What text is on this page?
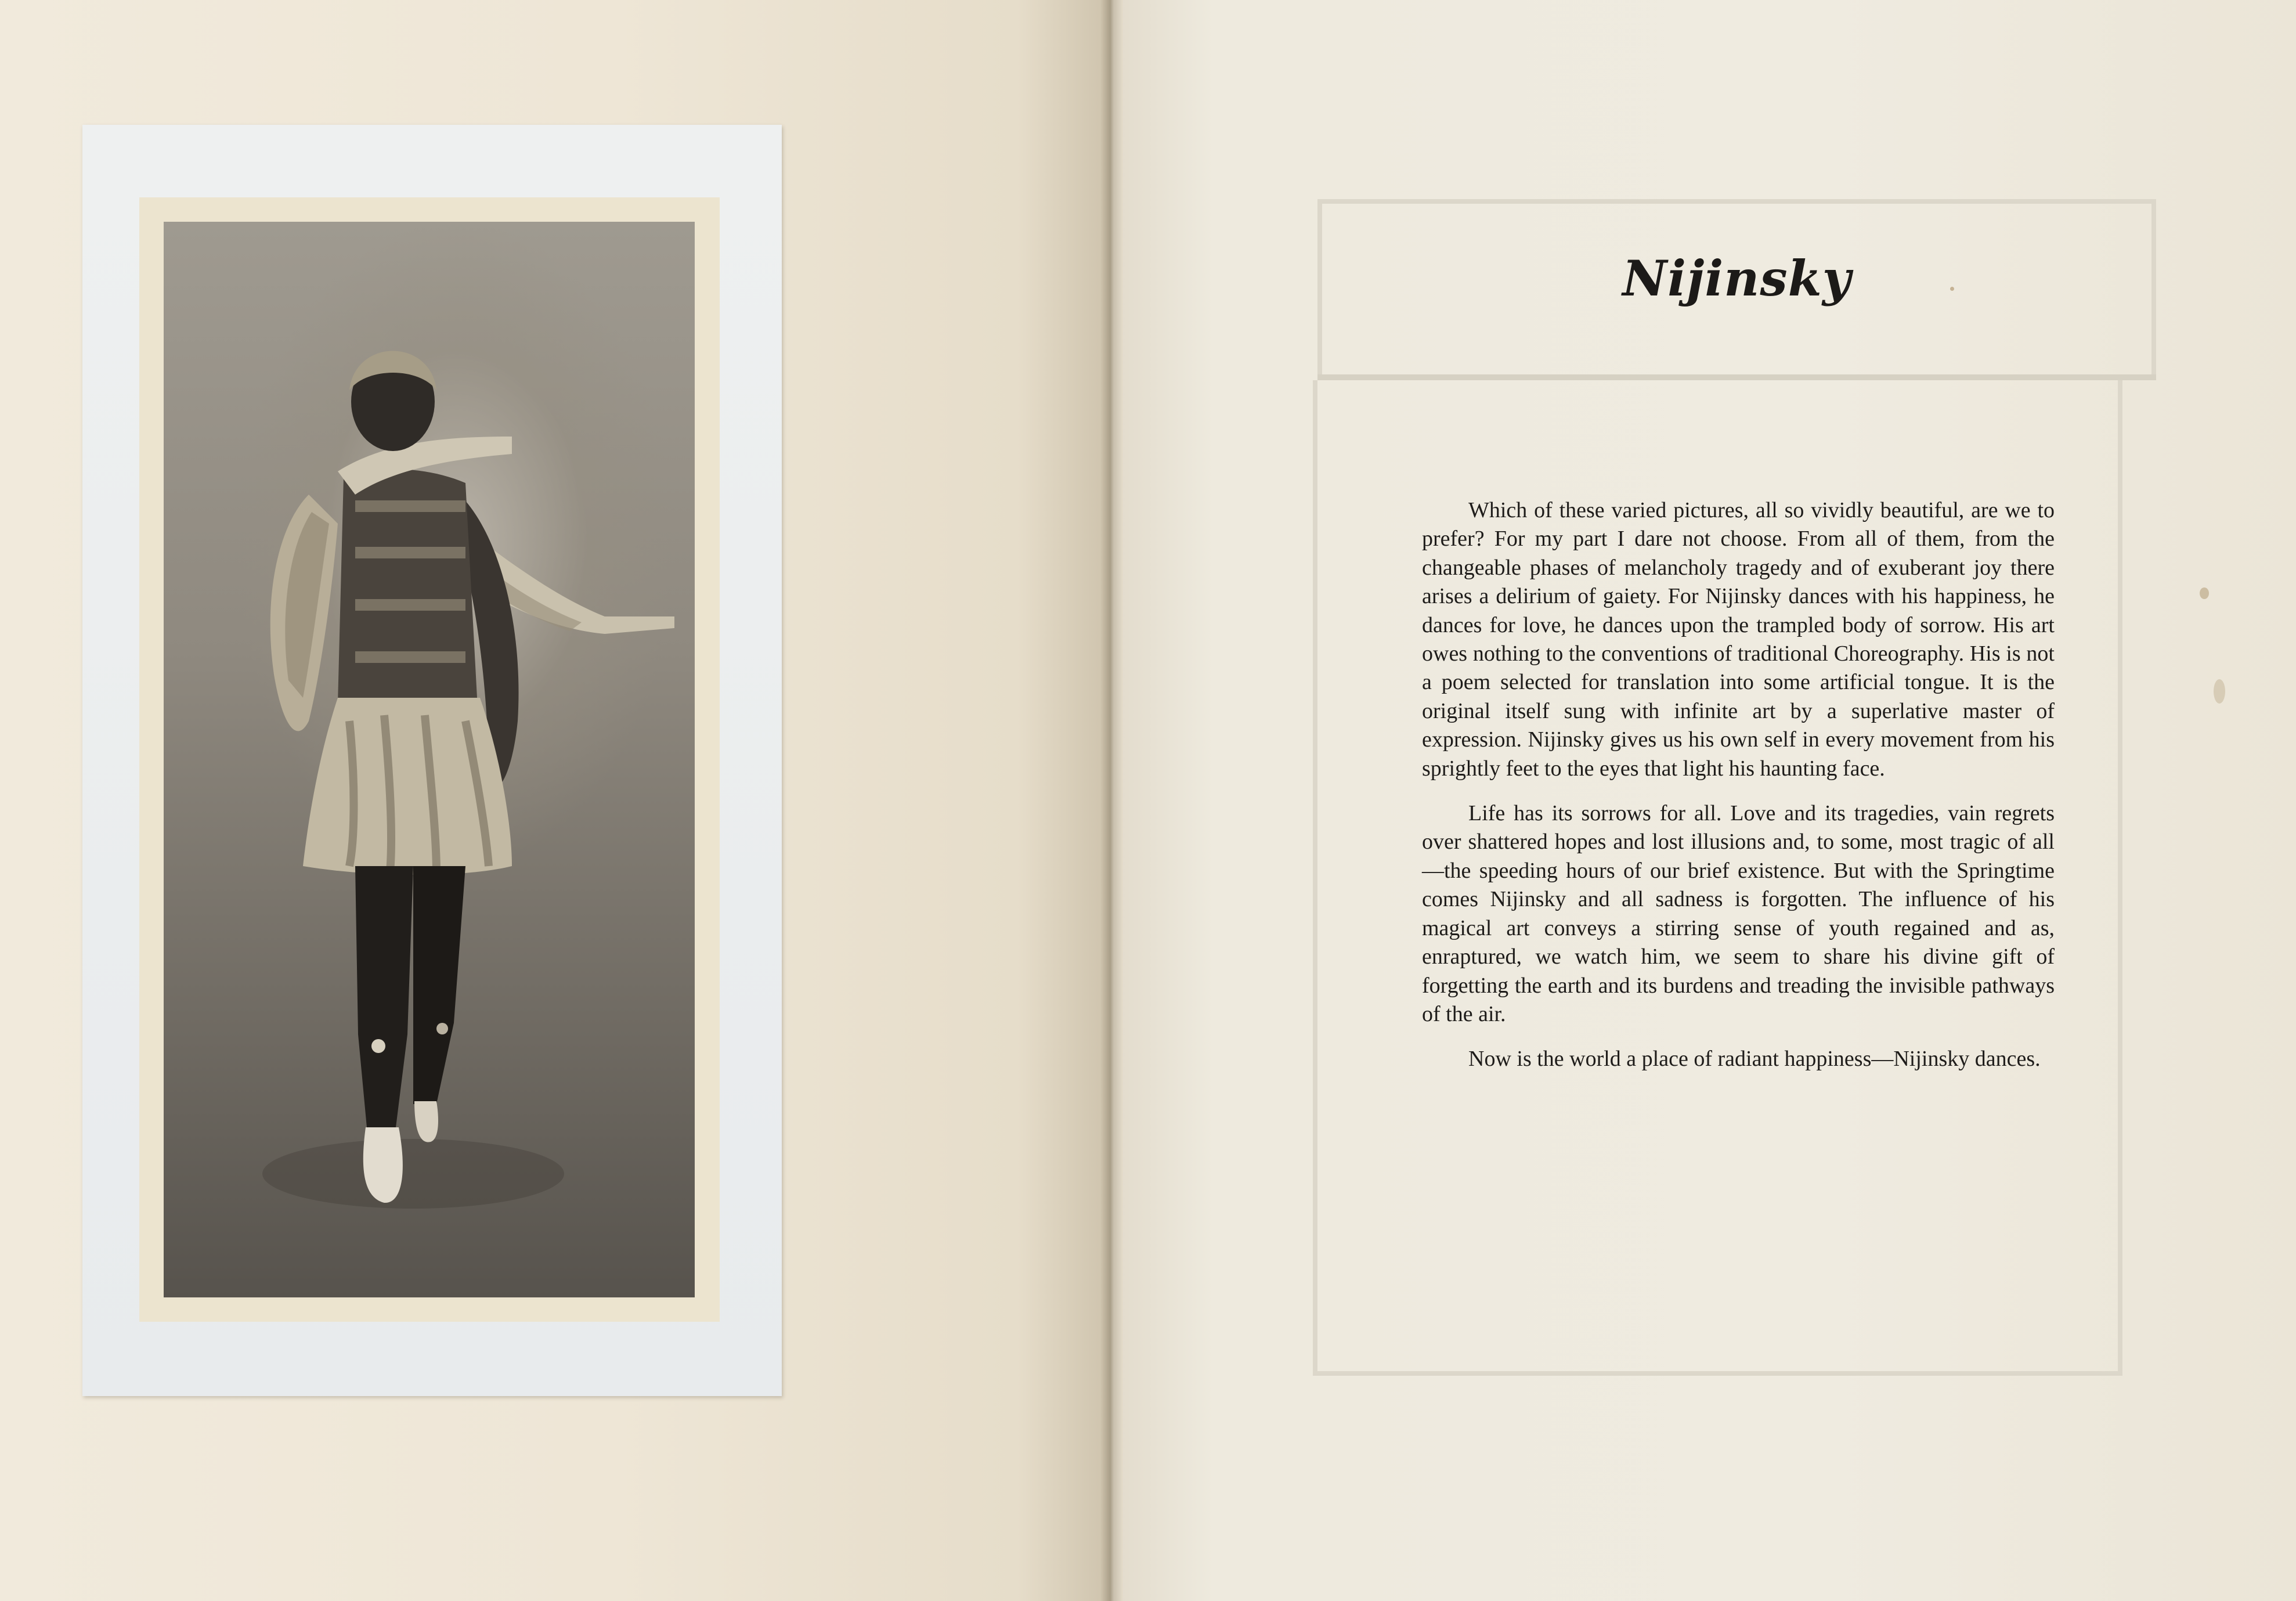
Nijinsky

Which of these varied pictures, all so vividly beautiful, are we to prefer? For my part I dare not choose. From all of them, from the changeable phases of melancholy tragedy and of exuberant joy there arises a delirium of gaiety. For Nijinsky dances with his happiness, he dances for love, he dances upon the trampled body of sorrow. His art owes nothing to the conventions of traditional Choreography. His is not a poem selected for translation into some artificial tongue. It is the original itself sung with infinite art by a superlative master of expression. Nijinsky gives us his own self in every movement from his sprightly feet to the eyes that light his haunting face.

Life has its sorrows for all. Love and its tragedies, vain regrets over shattered hopes and lost illusions and, to some, most tragic of all—the speeding hours of our brief existence. But with the Springtime comes Nijinsky and all sadness is forgotten. The influence of his magical art conveys a stirring sense of youth regained and as, enraptured, we watch him, we seem to share his divine gift of forgetting the earth and its burdens and treading the invisible pathways of the air.

Now is the world a place of radiant happiness—Nijinsky dances.
